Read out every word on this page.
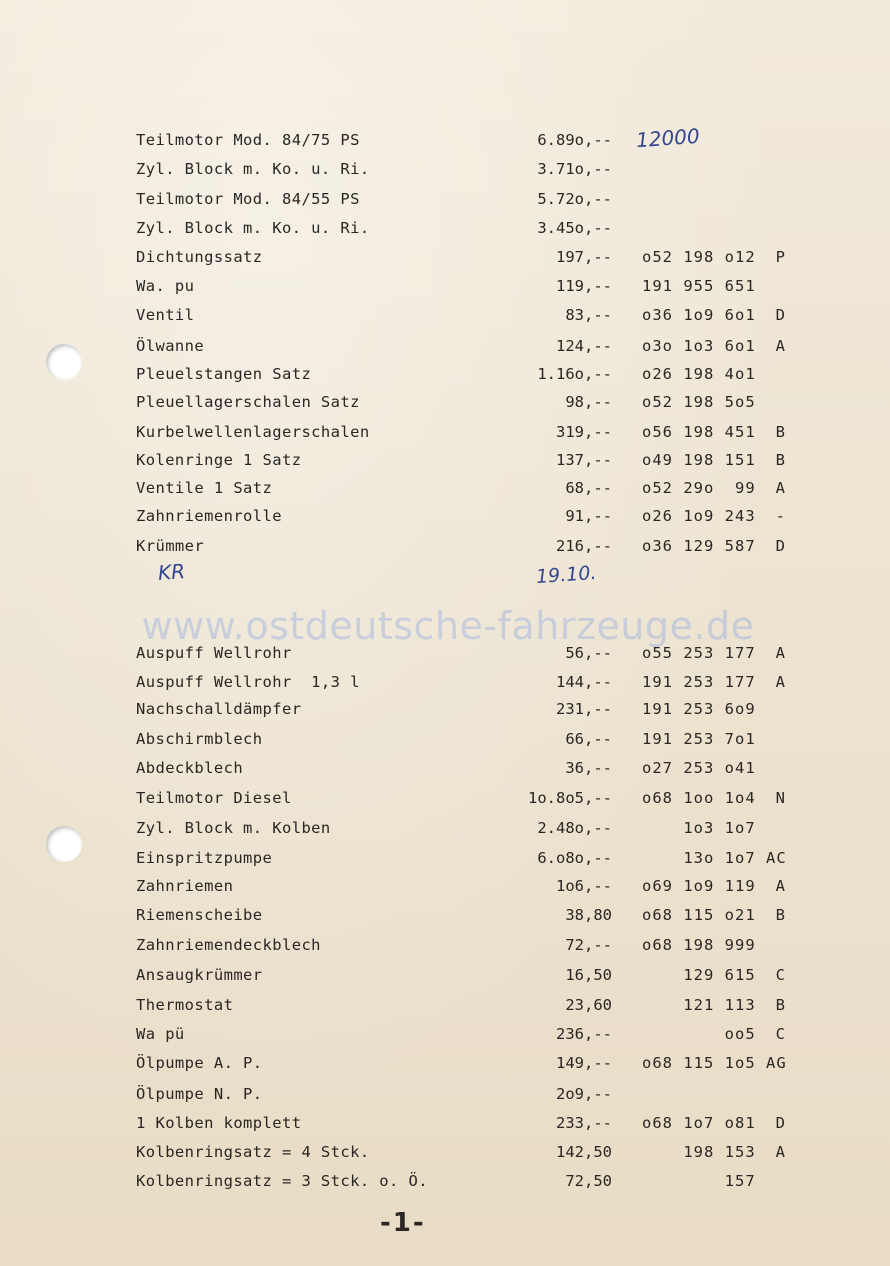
www.ostdeutsche-fahrzeuge.de
12000
KR	19.10.
Teilmotor Mod. 84/75 PS	6.89o,--

Zyl. Block m. Ko. u. Ri.	3.71o,--

Teilmotor Mod. 84/55 PS	5.72o,--

Zyl. Block m. Ko. u. Ri.	3.45o,--

Dichtungssatz	197,-- o52 198 o12 P
Wa. pu	119,-- 191 955 651
Ventil	83,-- o36 1o9 6o1 D
Ölwanne	124,-- o3o 1o3 6o1 A
Pleuelstangen Satz	1.16o,-- o26 198 4o1
Pleuellagerschalen Satz	98,-- o52 198 5o5
Kurbelwellenlagerschalen	319,-- o56 198 451 B
Kolenringe 1 Satz	137,-- o49 198 151 B
Ventile 1 Satz	68,-- o52 29o  99 A
Zahnriemenrolle	91,-- o26 1o9 243 -
Krümmer	216,-- o36 129 587 D
Auspuff Wellrohr	56,-- o55 253 177 A
Auspuff Wellrohr  1,3 l	144,-- 191 253 177 A
Nachschalldämpfer	231,-- 191 253 6o9
Abschirmblech	66,-- 191 253 7o1
Abdeckblech	36,-- o27 253 o41
Teilmotor Diesel	1o.8o5,-- o68 1oo 1o4 N
Zyl. Block m. Kolben	2.48o,--	1o3 1o7
Einspritzpumpe	6.o8o,--	13o 1o7 AC
Zahnriemen	1o6,-- o69 1o9 119 A
Riemenscheibe	38,80 o68 115 o21 B
Zahnriemendeckblech	72,-- o68 198 999
Ansaugkrümmer	16,50	129 615 C
Thermostat	23,60	121 113 B
Wa pü	236,--	oo5 C
Ölpumpe A. P.	149,-- o68 115 1o5 AG
Ölpumpe N. P.	2o9,--

1 Kolben komplett	233,-- o68 1o7 o81 D
Kolbenringsatz = 4 Stck.	142,50	198 153 A
Kolbenringsatz = 3 Stck. o. Ö.	72,50	157
-1-
